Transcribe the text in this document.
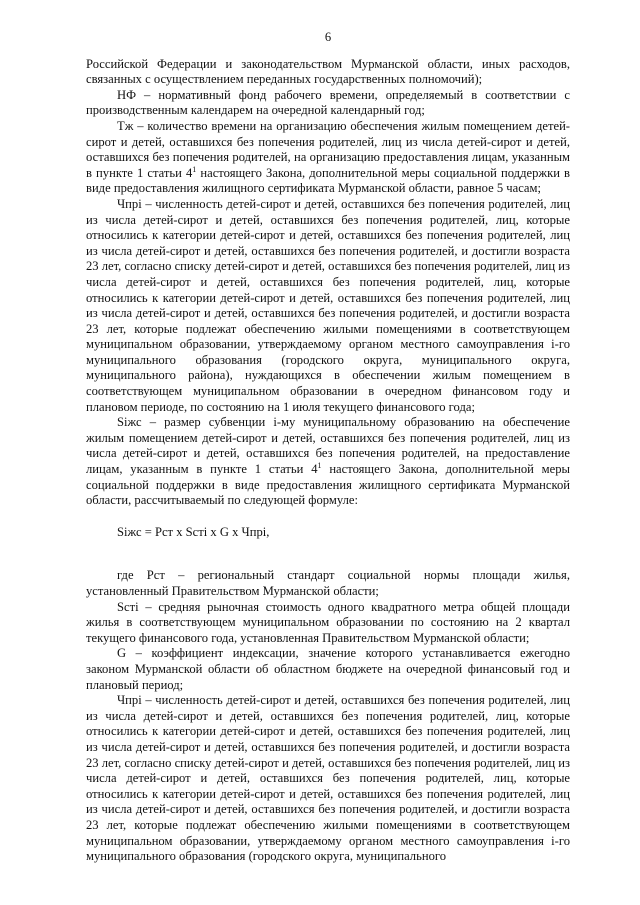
6

Российской Федерации и законодательством Мурманской области, иных расходов, связанных с осуществлением переданных государственных полномочий);

НФ – нормативный фонд рабочего времени, определяемый в соответствии с производственным календарем на очередной календарный год;

Тж – количество времени на организацию обеспечения жилым помещением детей-сирот и детей, оставшихся без попечения родителей, лиц из числа детей-сирот и детей, оставшихся без попечения родителей, на организацию предоставления лицам, указанным в пункте 1 статьи $4^1$ настоящего Закона, дополнительной меры социальной поддержки в виде предоставления жилищного сертификата Мурманской области, равное 5 часам;

Чпрi – численность детей-сирот и детей, оставшихся без попечения родителей, лиц из числа детей-сирот и детей, оставшихся без попечения родителей, лиц, которые относились к категории детей-сирот и детей, оставшихся без попечения родителей, лиц из числа детей-сирот и детей, оставшихся без попечения родителей, и достигли возраста 23 лет, согласно списку детей-сирот и детей, оставшихся без попечения родителей, лиц из числа детей-сирот и детей, оставшихся без попечения родителей, лиц, которые относились к категории детей-сирот и детей, оставшихся без попечения родителей, лиц из числа детей-сирот и детей, оставшихся без попечения родителей, и достигли возраста 23 лет, которые подлежат обеспечению жилыми помещениями в соответствующем муниципальном образовании, утверждаемому органом местного самоуправления i-го муниципального образования (городского округа, муниципального округа, муниципального района), нуждающихся в обеспечении жилым помещением в соответствующем муниципальном образовании в очередном финансовом году и плановом периоде, по состоянию на 1 июля текущего финансового года;

Siжс – размер субвенции i-му муниципальному образованию на обеспечение жилым помещением детей-сирот и детей, оставшихся без попечения родителей, лиц из числа детей-сирот и детей, оставшихся без попечения родителей, на предоставление лицам, указанным в пункте 1 статьи $4^1$ настоящего Закона, дополнительной меры социальной поддержки в виде предоставления жилищного сертификата Мурманской области, рассчитываемый по следующей формуле:

Siжс = Рст х Sстi х G х Чпрi,

где Рст – региональный стандарт социальной нормы площади жилья, установленный Правительством Мурманской области;

Sстi – средняя рыночная стоимость одного квадратного метра общей площади жилья в соответствующем муниципальном образовании по состоянию на 2 квартал текущего финансового года, установленная Правительством Мурманской области;

G – коэффициент индексации, значение которого устанавливается ежегодно законом Мурманской области об областном бюджете на очередной финансовый год и плановый период;

Чпрi – численность детей-сирот и детей, оставшихся без попечения родителей, лиц из числа детей-сирот и детей, оставшихся без попечения родителей, лиц, которые относились к категории детей-сирот и детей, оставшихся без попечения родителей, лиц из числа детей-сирот и детей, оставшихся без попечения родителей, и достигли возраста 23 лет, согласно списку детей-сирот и детей, оставшихся без попечения родителей, лиц из числа детей-сирот и детей, оставшихся без попечения родителей, лиц, которые относились к категории детей-сирот и детей, оставшихся без попечения родителей, лиц из числа детей-сирот и детей, оставшихся без попечения родителей, и достигли возраста 23 лет, которые подлежат обеспечению жилыми помещениями в соответствующем муниципальном образовании, утверждаемому органом местного самоуправления i-го муниципального образования (городского округа, муниципального
